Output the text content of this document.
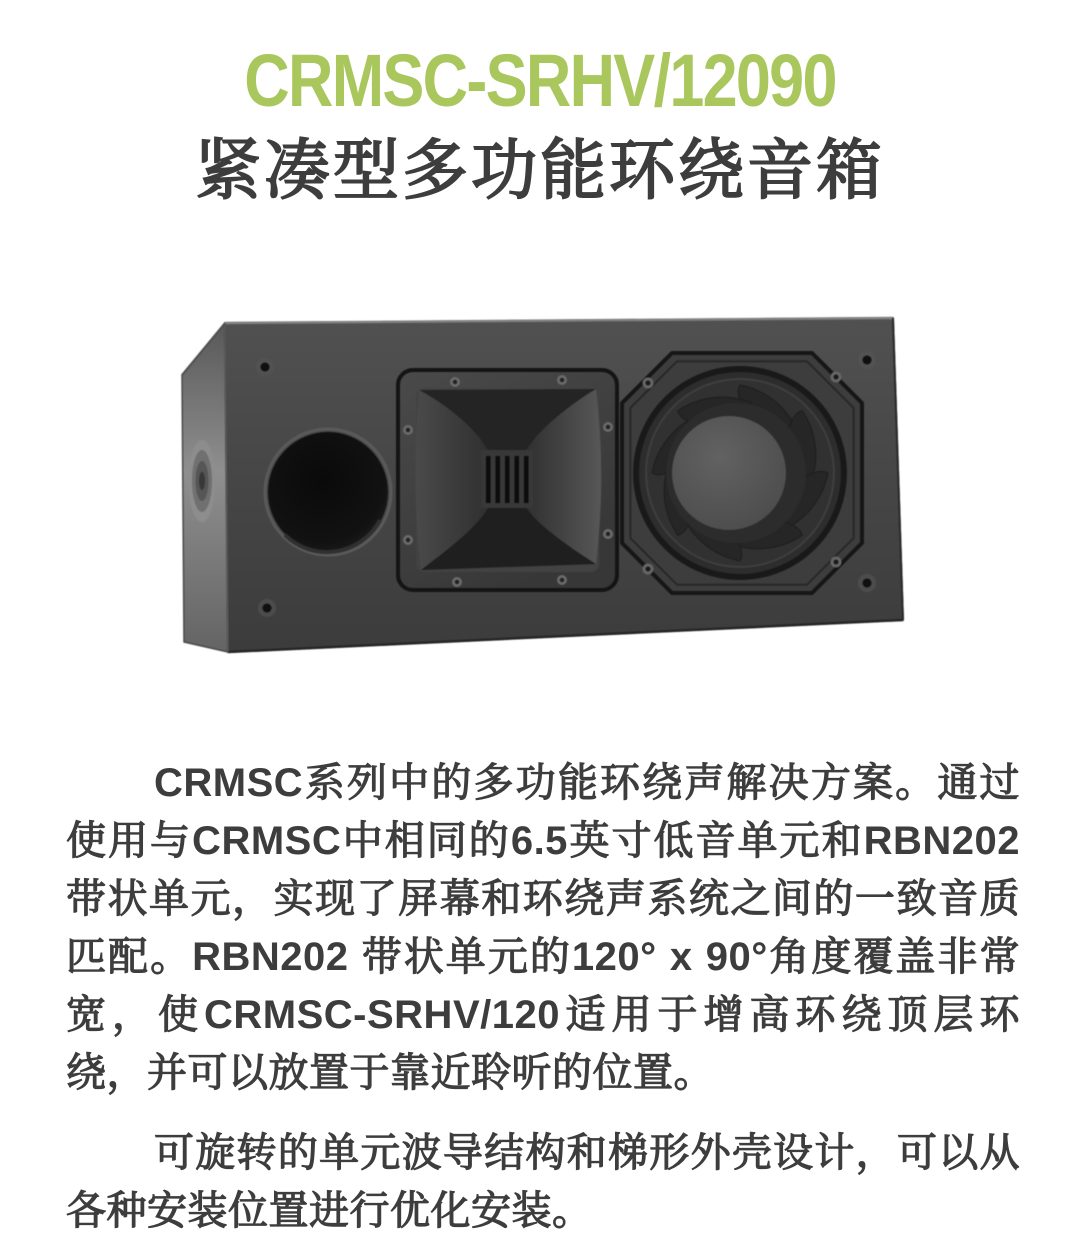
CRMSC-SRHV/12090
紧凑型多功能环绕音箱

CRMSC系列中的多功能环绕声解决方案。通过使用与CRMSC中相同的6.5英寸低音单元和RBN202带状单元，实现了屏幕和环绕声系统之间的一致音质匹配。RBN202 带状单元的120° x 90°角度覆盖非常宽，使CRMSC-SRHV/120适用于增高环绕顶层环绕，并可以放置于靠近聆听的位置。

可旋转的单元波导结构和梯形外壳设计，可以从各种安装位置进行优化安装。
